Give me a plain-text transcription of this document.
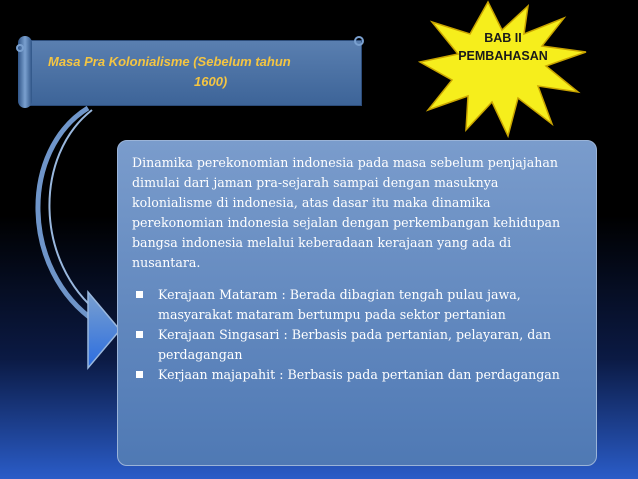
Masa Pra Kolonialisme (Sebelum tahun
1600)
BAB II
PEMBAHASAN

Dinamika perekonomian indonesia pada masa sebelum penjajahan dimulai dari jaman pra-sejarah sampai dengan masuknya kolonialisme di indonesia, atas dasar itu maka dinamika perekonomian indonesia sejalan dengan perkembangan kehidupan bangsa indonesia melalui keberadaan kerajaan yang ada di nusantara.

Kerajaan Mataram : Berada dibagian tengah pulau jawa, masyarakat mataram bertumpu pada sektor pertanian
Kerajaan Singasari : Berbasis pada pertanian, pelayaran, dan perdagangan
Kerjaan majapahit : Berbasis pada pertanian dan perdagangan
